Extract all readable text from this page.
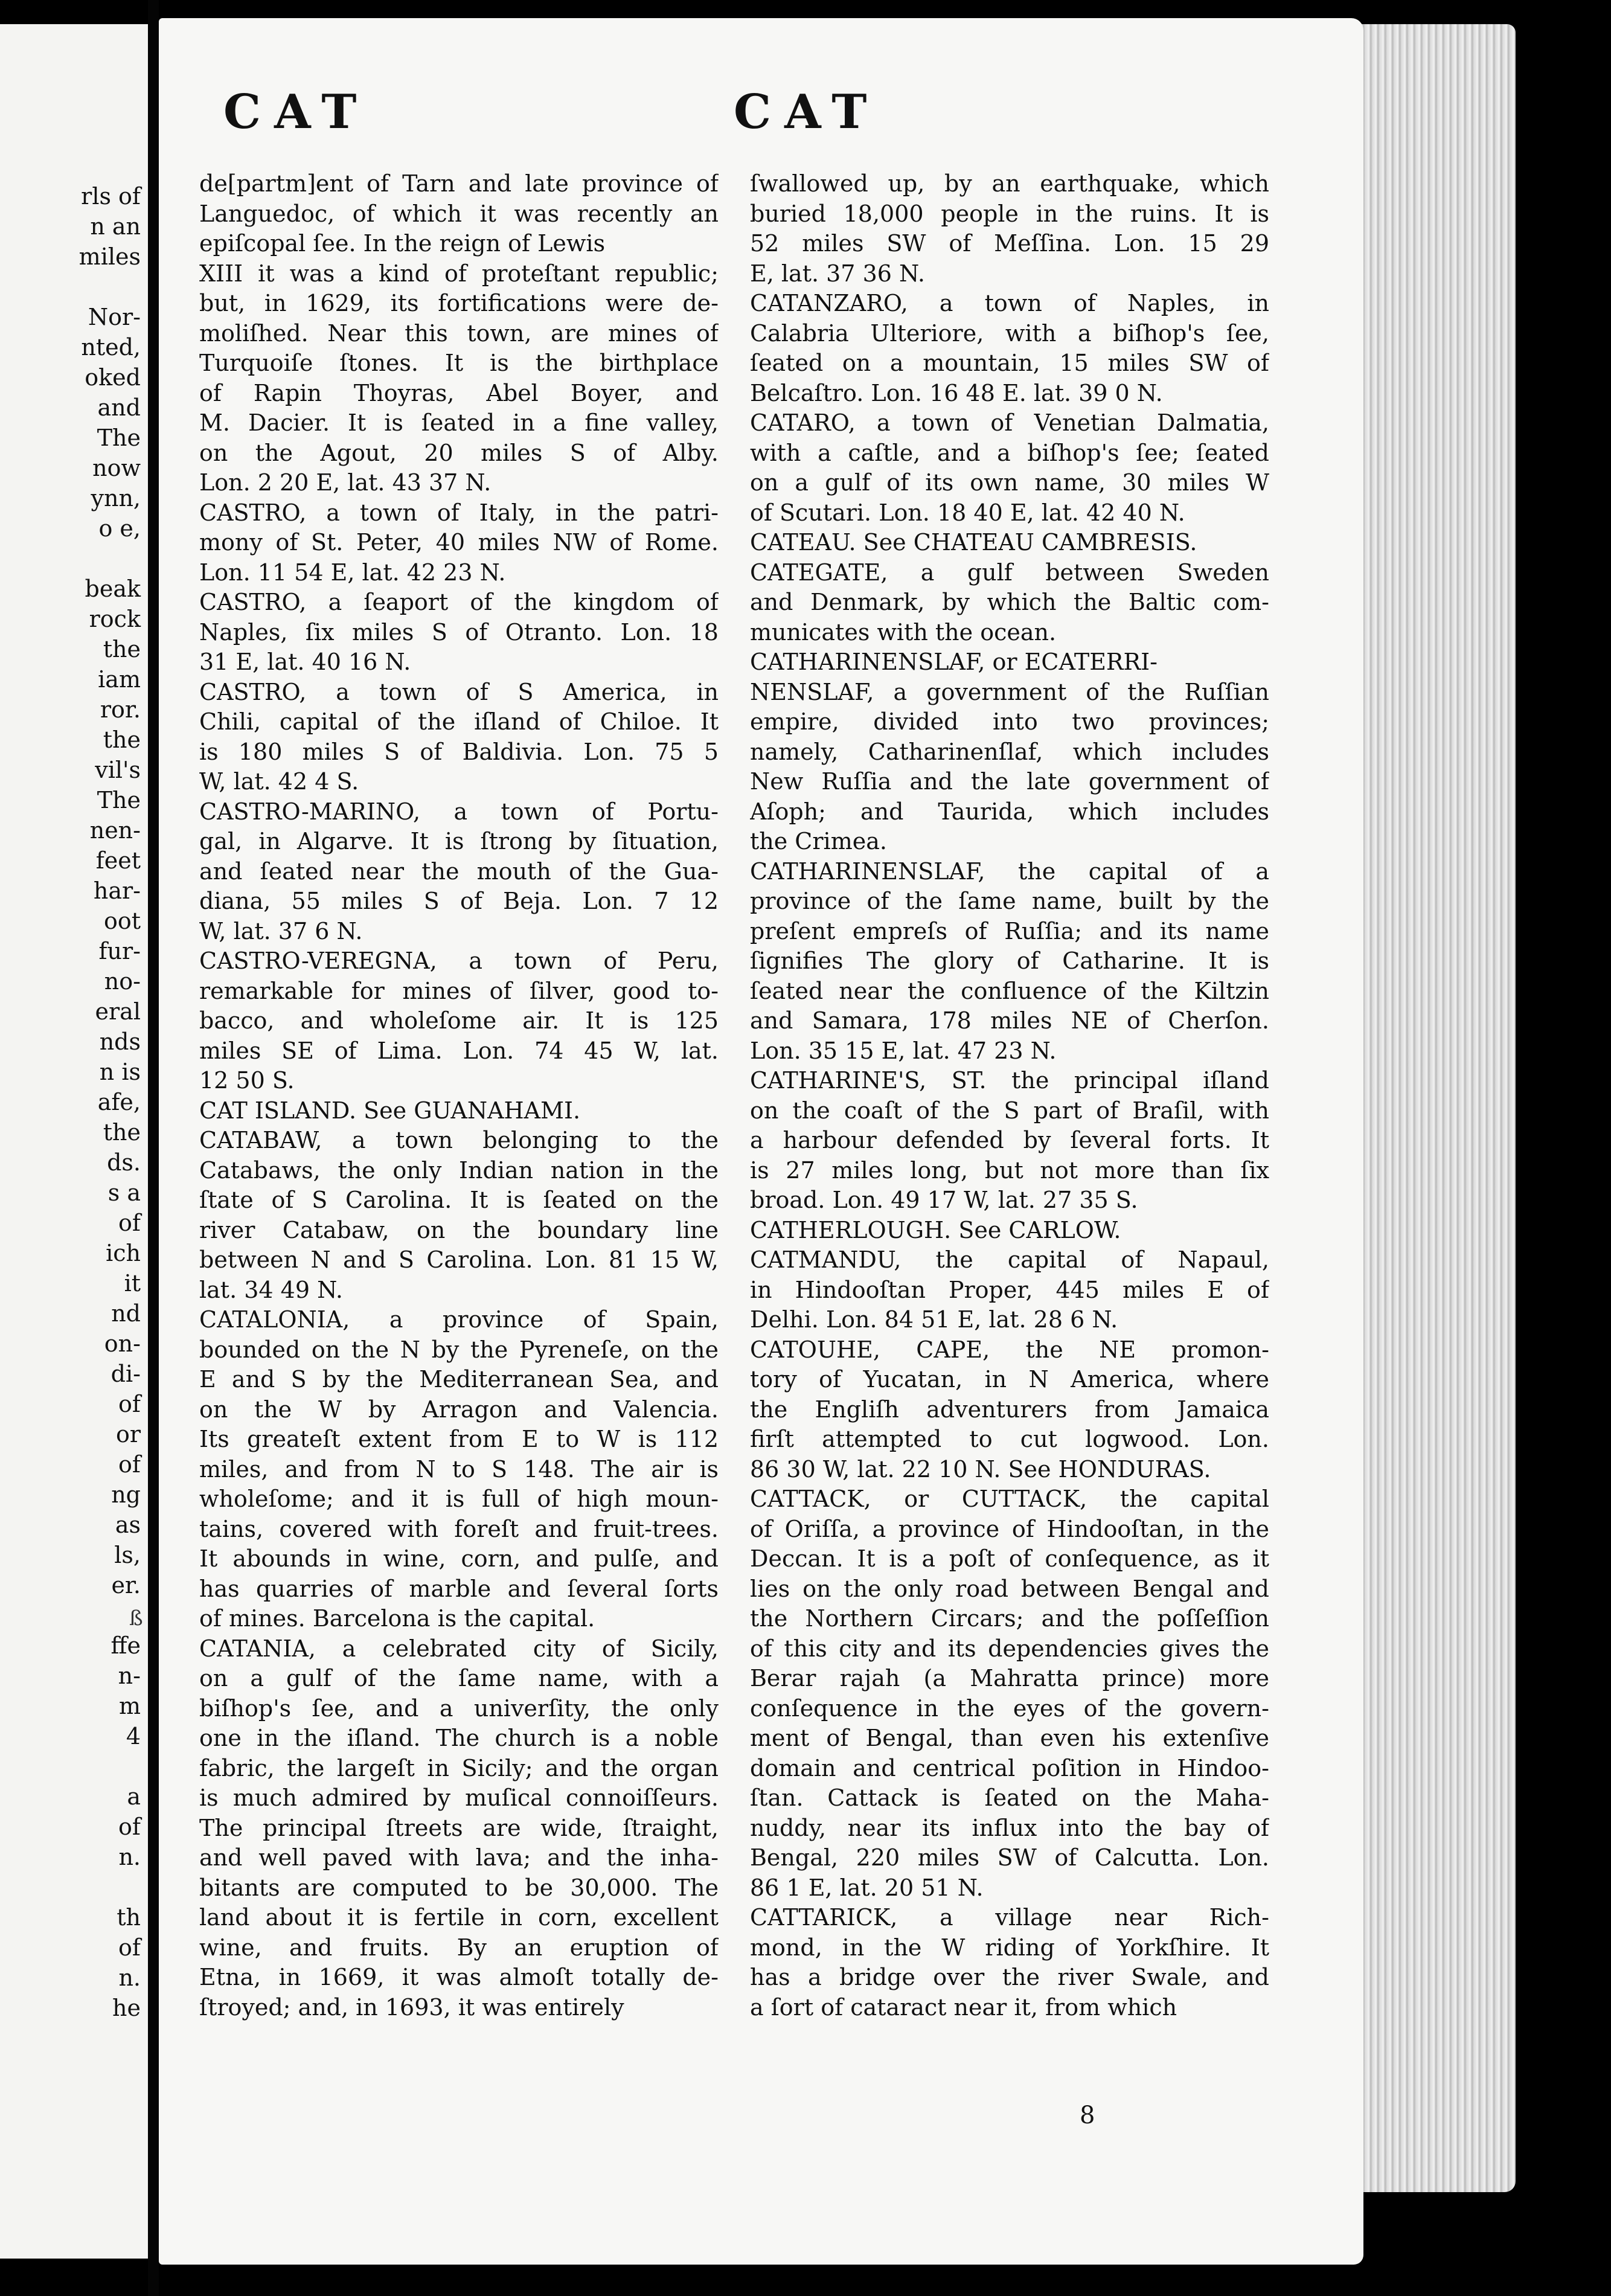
rls of
n an
miles
Nor-
nted,
oked
and
The
now
ynn,
o e,
beak
rock
the
iam
ror.
the
vil's
The
nen-
feet
har-
oot
fur-
no-
eral
nds
n is
afe,
the
ds.
s a
of
ich
it
nd
on-
di-
of
or
of
ng
as
ls,
er.
ffe
n-
m
4
a
of
n.
th
of
n.
he
CAT	CAT
de[partm]ent of Tarn and late province of
Languedoc, of which it was recently an
epiſcopal ſee. In the reign of Lewis
XIII it was a kind of proteſtant republic;
but, in 1629, its fortifications were de-
moliſhed. Near this town, are mines of
Turquoiſe ſtones. It is the birthplace
of Rapin Thoyras, Abel Boyer, and
M. Dacier. It is ſeated in a fine valley,
on the Agout, 20 miles S of Alby.
Lon. 2 20 E, lat. 43 37 N.
CASTRO, a town of Italy, in the patri-
mony of St. Peter, 40 miles NW of Rome.
Lon. 11 54 E, lat. 42 23 N.
CASTRO, a ſeaport of the kingdom of
Naples, ſix miles S of Otranto. Lon. 18
31 E, lat. 40 16 N.
CASTRO, a town of S America, in
Chili, capital of the iſland of Chiloe. It
is 180 miles S of Baldivia. Lon. 75 5
W, lat. 42 4 S.
CASTRO-MARINO, a town of Portu-
gal, in Algarve. It is ſtrong by ſituation,
and ſeated near the mouth of the Gua-
diana, 55 miles S of Beja. Lon. 7 12
W, lat. 37 6 N.
CASTRO-VEREGNA, a town of Peru,
remarkable for mines of ſilver, good to-
bacco, and wholeſome air. It is 125
miles SE of Lima. Lon. 74 45 W, lat.
12 50 S.
CAT ISLAND. See GUANAHAMI.
CATABAW, a town belonging to the
Catabaws, the only Indian nation in the
ſtate of S Carolina. It is ſeated on the
river Catabaw, on the boundary line
between N and S Carolina. Lon. 81 15 W,
lat. 34 49 N.
CATALONIA, a province of Spain,
bounded on the N by the Pyreneſe, on the
E and S by the Mediterranean Sea, and
on the W by Arragon and Valencia.
Its greateſt extent from E to W is 112
miles, and from N to S 148. The air is
wholeſome; and it is full of high moun-
tains, covered with foreſt and fruit-trees.
It abounds in wine, corn, and pulſe, and
has quarries of marble and ſeveral ſorts
of mines. Barcelona is the capital.
CATANIA, a celebrated city of Sicily,
on a gulf of the ſame name, with a
biſhop's ſee, and a univerſity, the only
one in the iſland. The church is a noble
fabric, the largeſt in Sicily; and the organ
is much admired by muſical connoiſſeurs.
The principal ſtreets are wide, ſtraight,
and well paved with lava; and the inha-
bitants are computed to be 30,000. The
land about it is fertile in corn, excellent
wine, and fruits. By an eruption of
Etna, in 1669, it was almoſt totally de-
ſtroyed; and, in 1693, it was entirely
ſwallowed up, by an earthquake, which
buried 18,000 people in the ruins. It is
52 miles SW of Meſſina. Lon. 15 29
E, lat. 37 36 N.
CATANZARO, a town of Naples, in
Calabria Ulteriore, with a biſhop's ſee,
ſeated on a mountain, 15 miles SW of
Belcaſtro. Lon. 16 48 E. lat. 39 0 N.
CATARO, a town of Venetian Dalmatia,
with a caſtle, and a biſhop's ſee; ſeated
on a gulf of its own name, 30 miles W
of Scutari. Lon. 18 40 E, lat. 42 40 N.
CATEAU. See CHATEAU CAMBRESIS.
CATEGATE, a gulf between Sweden
and Denmark, by which the Baltic com-
municates with the ocean.
CATHARINENSLAF, or ECATERRI-
NENSLAF, a government of the Ruſſian
empire, divided into two provinces;
namely, Catharinenſlaf, which includes
New Ruſſia and the late government of
Aſoph; and Taurida, which includes
the Crimea.
CATHARINENSLAF, the capital of a
province of the ſame name, built by the
preſent empreſs of Ruſſia; and its name
ſignifies The glory of Catharine. It is
ſeated near the confluence of the Kiltzin
and Samara, 178 miles NE of Cherſon.
Lon. 35 15 E, lat. 47 23 N.
CATHARINE'S, ST. the principal iſland
on the coaſt of the S part of Braſil, with
a harbour defended by ſeveral forts. It
is 27 miles long, but not more than ſix
broad. Lon. 49 17 W, lat. 27 35 S.
CATHERLOUGH. See CARLOW.
CATMANDU, the capital of Napaul,
in Hindooſtan Proper, 445 miles E of
Delhi. Lon. 84 51 E, lat. 28 6 N.
CATOUHE, CAPE, the NE promon-
tory of Yucatan, in N America, where
the Engliſh adventurers from Jamaica
firſt attempted to cut logwood. Lon.
86 30 W, lat. 22 10 N. See HONDURAS.
CATTACK, or CUTTACK, the capital
of Oriſſa, a province of Hindooſtan, in the
Deccan. It is a poſt of conſequence, as it
lies on the only road between Bengal and
the Northern Circars; and the poſſeſſion
of this city and its dependencies gives the
Berar rajah (a Mahratta prince) more
conſequence in the eyes of the govern-
ment of Bengal, than even his extenſive
domain and centrical poſition in Hindoo-
ſtan. Cattack is ſeated on the Maha-
nuddy, near its influx into the bay of
Bengal, 220 miles SW of Calcutta. Lon.
86 1 E, lat. 20 51 N.
CATTARICK, a village near Rich-
mond, in the W riding of Yorkſhire. It
has a bridge over the river Swale, and
a ſort of cataract near it, from which
ß
8
